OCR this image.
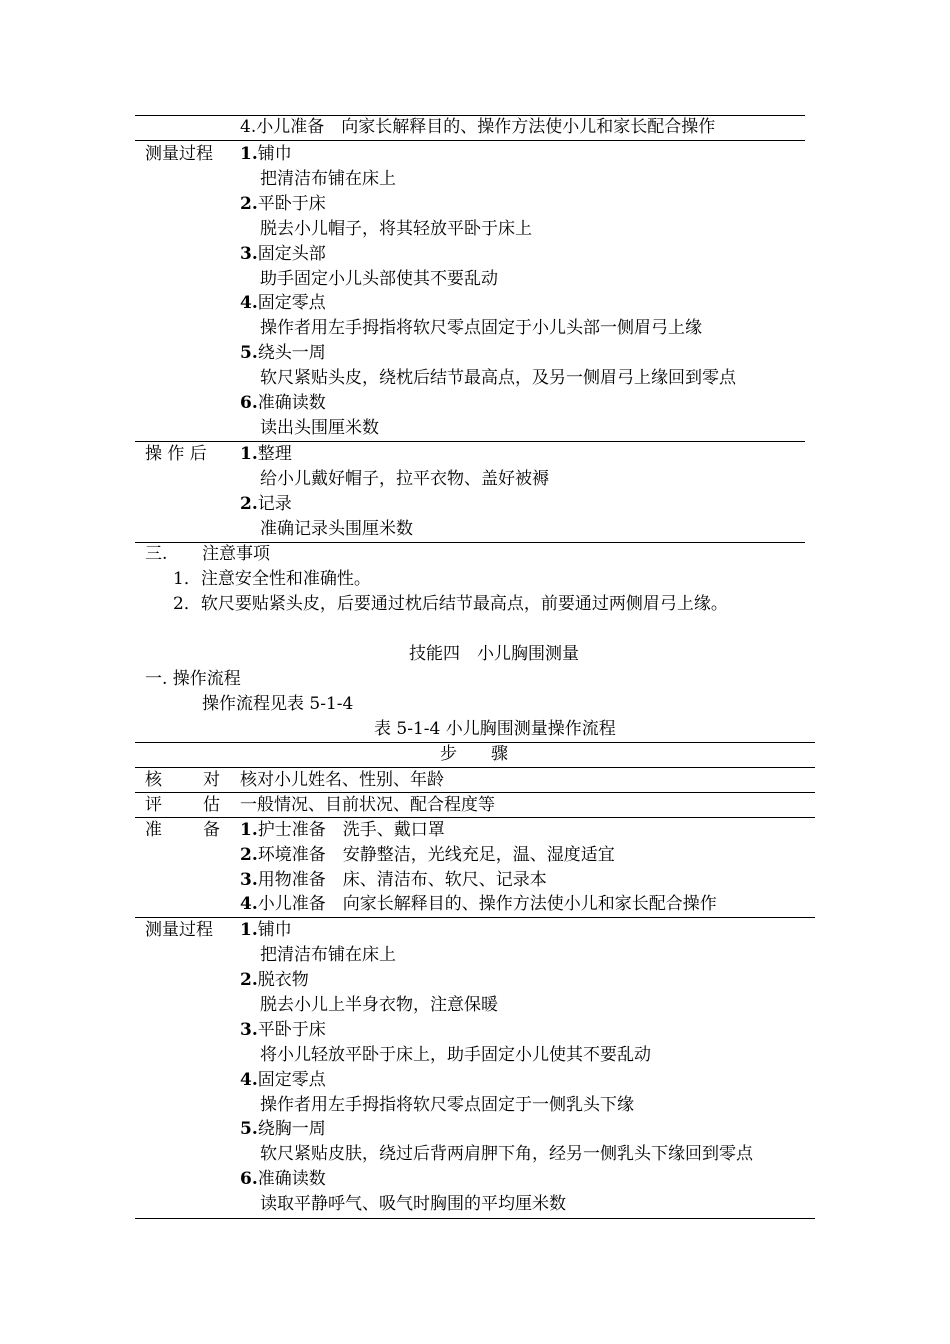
4.小儿准备　向家长解释目的、操作方法使小儿和家长配合操作
测量过程 1.铺巾
把清洁布铺在床上
2.平卧于床
脱去小儿帽子，将其轻放平卧于床上
3.固定头部
助手固定小儿头部使其不要乱动
4.固定零点
操作者用左手拇指将软尺零点固定于小儿头部一侧眉弓上缘
5.绕头一周
软尺紧贴头皮，绕枕后结节最高点，及另一侧眉弓上缘回到零点
6.准确读数
读出头围厘米数
操 作 后 1.整理
给小儿戴好帽子，拉平衣物、盖好被褥
2.记录
准确记录头围厘米数
三. 注意事项
1．注意安全性和准确性。
2．软尺要贴紧头皮，后要通过枕后结节最高点，前要通过两侧眉弓上缘。
技能四　小儿胸围测量
一. 操作流程
操作流程见表 5-1-4
表 5-1-4 小儿胸围测量操作流程
步　　骤
核 对 核对小儿姓名、性别、年龄
评 估 一般情况、目前状况、配合程度等
准 备 1.护士准备　洗手、戴口罩
2.环境准备　安静整洁，光线充足，温、湿度适宜
3.用物准备　床、清洁布、软尺、记录本
4.小儿准备　向家长解释目的、操作方法使小儿和家长配合操作
测量过程 1.铺巾
把清洁布铺在床上
2.脱衣物
脱去小儿上半身衣物，注意保暖
3.平卧于床
将小儿轻放平卧于床上，助手固定小儿使其不要乱动
4.固定零点
操作者用左手拇指将软尺零点固定于一侧乳头下缘
5.绕胸一周
软尺紧贴皮肤，绕过后背两肩胛下角，经另一侧乳头下缘回到零点
6.准确读数
读取平静呼气、吸气时胸围的平均厘米数
